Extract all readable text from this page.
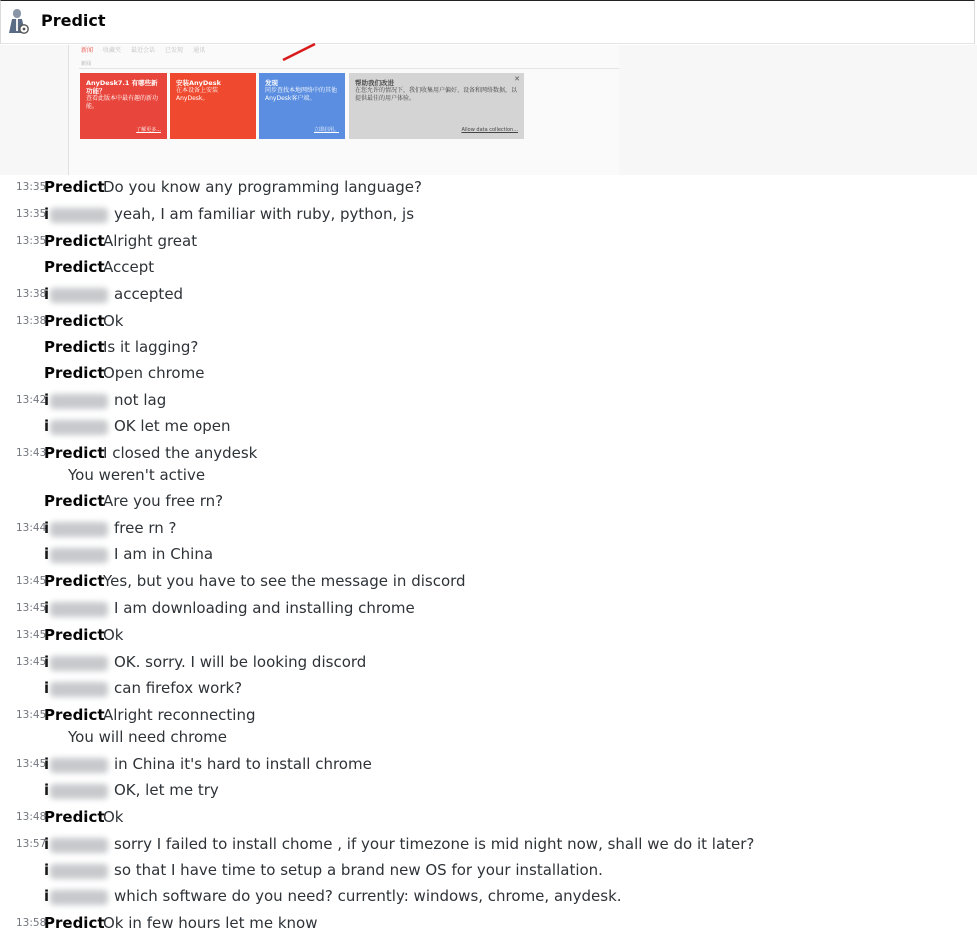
Predict
新闻 收藏夹 最近会话 已发现 通讯
新闻
AnyDesk7.1 有哪些新功能？
查看此版本中最有趣的新功能。
了解更多...
安装AnyDesk
在本设备上安装AnyDesk。
发现
同步查找本地网络中的其他AnyDesk客户端。
立即启用。
✕
帮助我们改进
在您允许的情况下，我们收集用户偏好、设备和网络数据，以提供最佳的用户体验。
Allow data collection...
13:35
Predict
Do you know any programming language?
13:35
i	yeah, I am familiar with ruby, python, js
13:35
Predict
Alright great
Predict
Accept
13:38
i	accepted
13:38
Predict
Ok
Predict
Is it lagging?
Predict
Open chrome
13:42
i	not lag
i	OK let me open
13:43
Predict
I closed the anydesk
You weren't active
Predict
Are you free rn?
13:44
i	free rn ?
i	I am in China
13:45
Predict
Yes, but you have to see the message in discord
13:45
i	I am downloading and installing chrome
13:45
Predict
Ok
13:45
i	OK. sorry. I will be looking discord
i	can firefox work?
13:45
Predict
Alright reconnecting
You will need chrome
13:45
i	in China it's hard to install chrome
i	OK, let me try
13:48
Predict
Ok
13:57
i	sorry I failed to install chome , if your timezone is mid night now, shall we do it later?
i	so that I have time to setup a brand new OS for your installation.
i	which software do you need? currently: windows, chrome, anydesk.
13:58
Predict
Ok in few hours let me know
